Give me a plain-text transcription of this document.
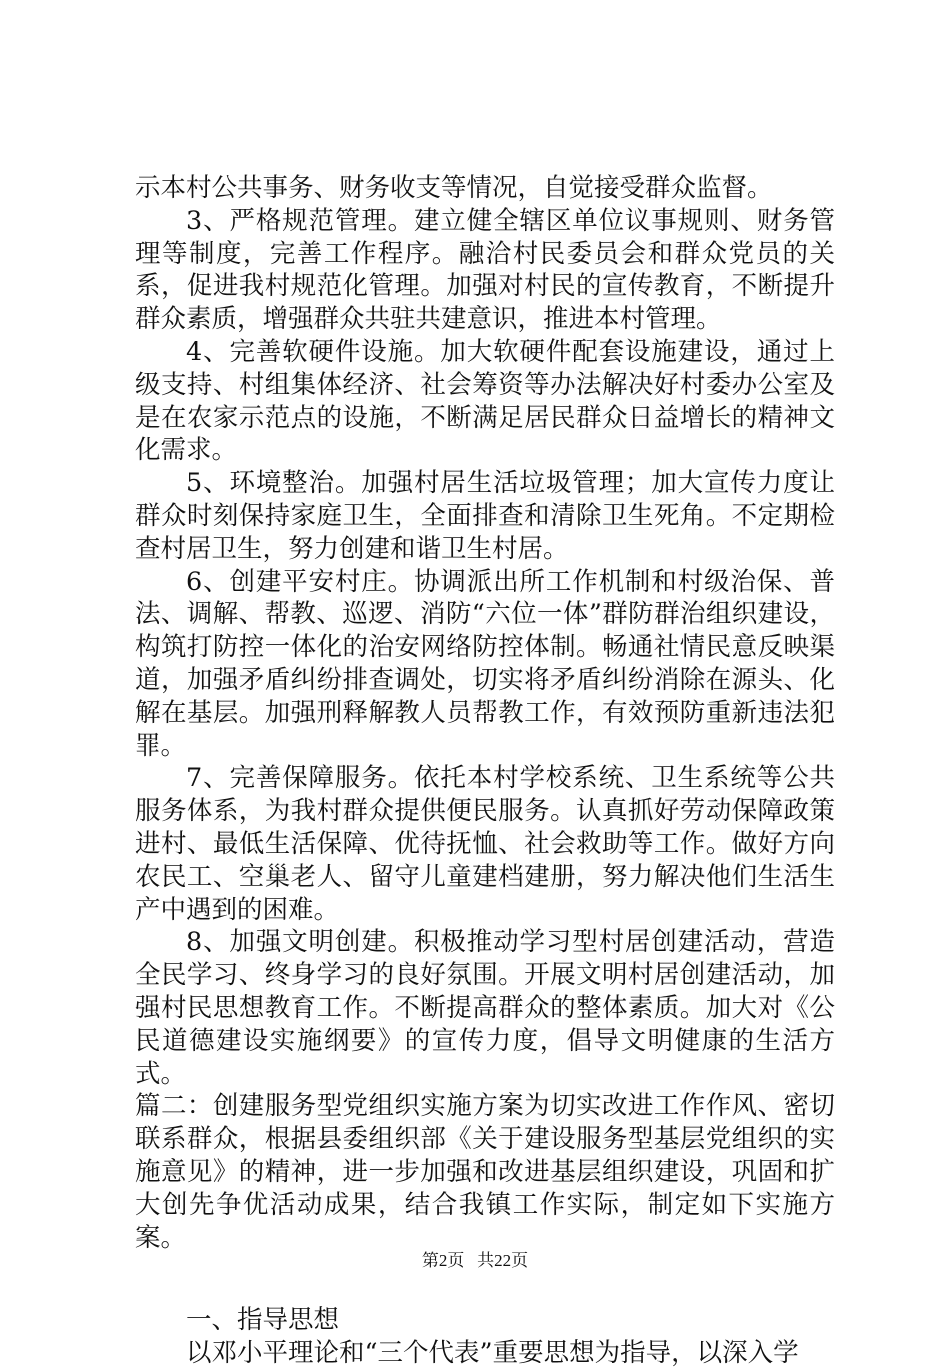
示本村公共事务、财务收支等情况，自觉接受群众监督。

3、严格规范管理。建立健全辖区单位议事规则、财务管理等制度，完善工作程序。融洽村民委员会和群众党员的关系，促进我村规范化管理。加强对村民的宣传教育，不断提升群众素质，增强群众共驻共建意识，推进本村管理。

4、完善软硬件设施。加大软硬件配套设施建设，通过上级支持、村组集体经济、社会筹资等办法解决好村委办公室及是在农家示范点的设施，不断满足居民群众日益增长的精神文化需求。

5、环境整治。加强村居生活垃圾管理；加大宣传力度让群众时刻保持家庭卫生，全面排查和清除卫生死角。不定期检查村居卫生，努力创建和谐卫生村居。

6、创建平安村庄。协调派出所工作机制和村级治保、普法、调解、帮教、巡逻、消防“六位一体”群防群治组织建设，构筑打防控一体化的治安网络防控体制。畅通社情民意反映渠道，加强矛盾纠纷排查调处，切实将矛盾纠纷消除在源头、化解在基层。加强刑释解教人员帮教工作，有效预防重新违法犯罪。

7、完善保障服务。依托本村学校系统、卫生系统等公共服务体系，为我村群众提供便民服务。认真抓好劳动保障政策进村、最低生活保障、优待抚恤、社会救助等工作。做好方向农民工、空巢老人、留守儿童建档建册，努力解决他们生活生产中遇到的困难。

8、加强文明创建。积极推动学习型村居创建活动，营造全民学习、终身学习的良好氛围。开展文明村居创建活动，加强村民思想教育工作。不断提高群众的整体素质。加大对《公民道德建设实施纲要》的宣传力度，倡导文明健康的生活方式。

篇二：创建服务型党组织实施方案为切实改进工作作风、密切联系群众，根据县委组织部《关于建设服务型基层党组织的实施意见》的精神，进一步加强和改进基层组织建设，巩固和扩大创先争优活动成果，结合我镇工作实际，制定如下实施方案。

一、指导思想

以邓小平理论和“三个代表”重要思想为指导，以深入学

第2页 共22页
